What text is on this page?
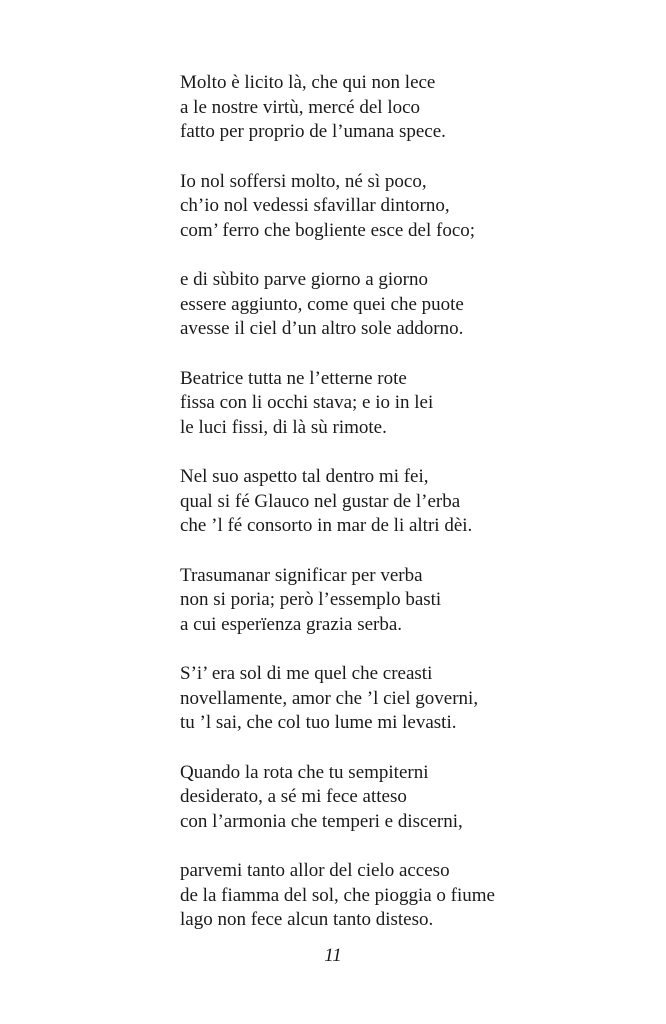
Molto è licito là, che qui non lece
a le nostre virtù, mercé del loco
fatto per proprio de l’umana spece.
Io nol soffersi molto, né sì poco,
ch’io nol vedessi sfavillar dintorno,
com’ ferro che bogliente esce del foco;
e di sùbito parve giorno a giorno
essere aggiunto, come quei che puote
avesse il ciel d’un altro sole addorno.
Beatrice tutta ne l’etterne rote
fissa con li occhi stava; e io in lei
le luci fissi, di là sù rimote.
Nel suo aspetto tal dentro mi fei,
qual si fé Glauco nel gustar de l’erba
che ’l fé consorto in mar de li altri dèi.
Trasumanar significar per verba
non si poria; però l’essemplo basti
a cui esperïenza grazia serba.
S’i’ era sol di me quel che creasti
novellamente, amor che ’l ciel governi,
tu ’l sai, che col tuo lume mi levasti.
Quando la rota che tu sempiterni
desiderato, a sé mi fece atteso
con l’armonia che temperi e discerni,
parvemi tanto allor del cielo acceso
de la fiamma del sol, che pioggia o fiume
lago non fece alcun tanto disteso.
11
